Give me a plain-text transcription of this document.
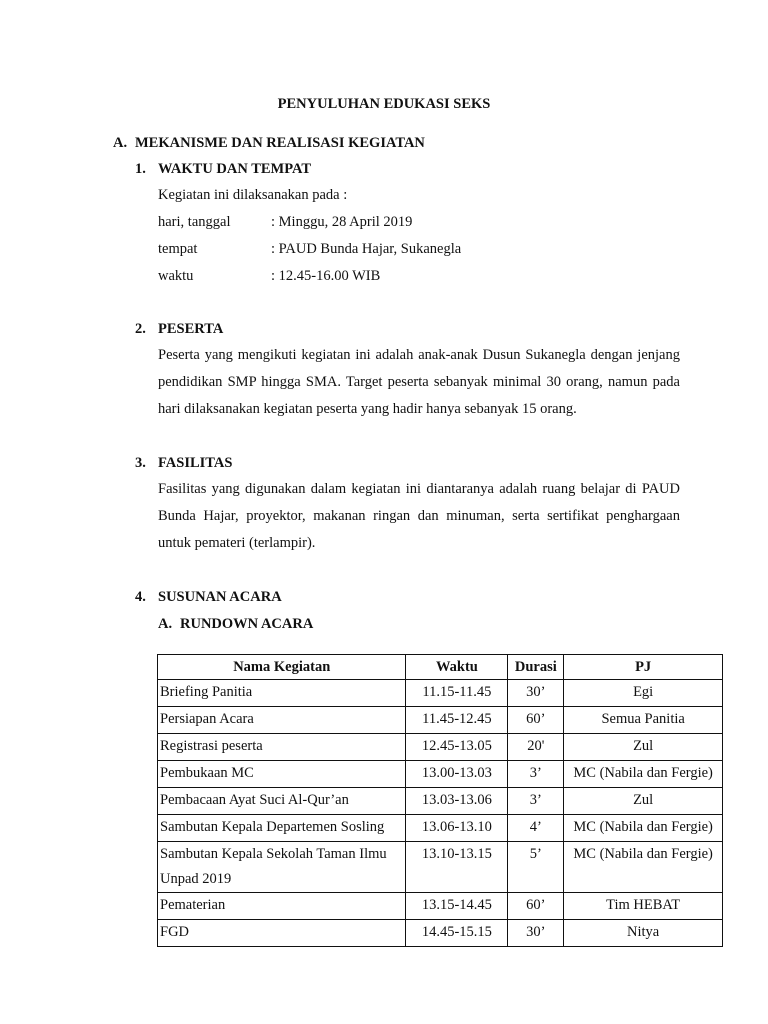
PENYULUHAN EDUKASI SEKS
A. MEKANISME DAN REALISASI KEGIATAN
1. WAKTU DAN TEMPAT
Kegiatan ini dilaksanakan pada :
hari, tanggal	: Minggu, 28 April 2019
tempat	: PAUD Bunda Hajar, Sukanegla
waktu	: 12.45-16.00 WIB
2. PESERTA
Peserta yang mengikuti kegiatan ini adalah anak-anak Dusun Sukanegla dengan jenjang pendidikan SMP hingga SMA. Target peserta sebanyak minimal 30 orang, namun pada hari dilaksanakan kegiatan peserta yang hadir hanya sebanyak 15 orang.
3. FASILITAS
Fasilitas yang digunakan dalam kegiatan ini diantaranya adalah ruang belajar di PAUD Bunda Hajar, proyektor, makanan ringan dan minuman, serta sertifikat penghargaan untuk pemateri (terlampir).
4. SUSUNAN ACARA
A. RUNDOWN ACARA
Nama Kegiatan	Waktu	Durasi	PJ
Briefing Panitia	11.15-11.45	30’	Egi
Persiapan Acara	11.45-12.45	60’	Semua Panitia
Registrasi peserta	12.45-13.05	20'	Zul
Pembukaan MC	13.00-13.03	3’	MC (Nabila dan Fergie)
Pembacaan Ayat Suci Al-Qur’an	13.03-13.06	3’	Zul
Sambutan Kepala Departemen Sosling	13.06-13.10	4’	MC (Nabila dan Fergie)
Sambutan Kepala Sekolah Taman Ilmu Unpad 2019	13.10-13.15	5’	MC (Nabila dan Fergie)
Pematerian	13.15-14.45	60’	Tim HEBAT
FGD	14.45-15.15	30’	Nitya
